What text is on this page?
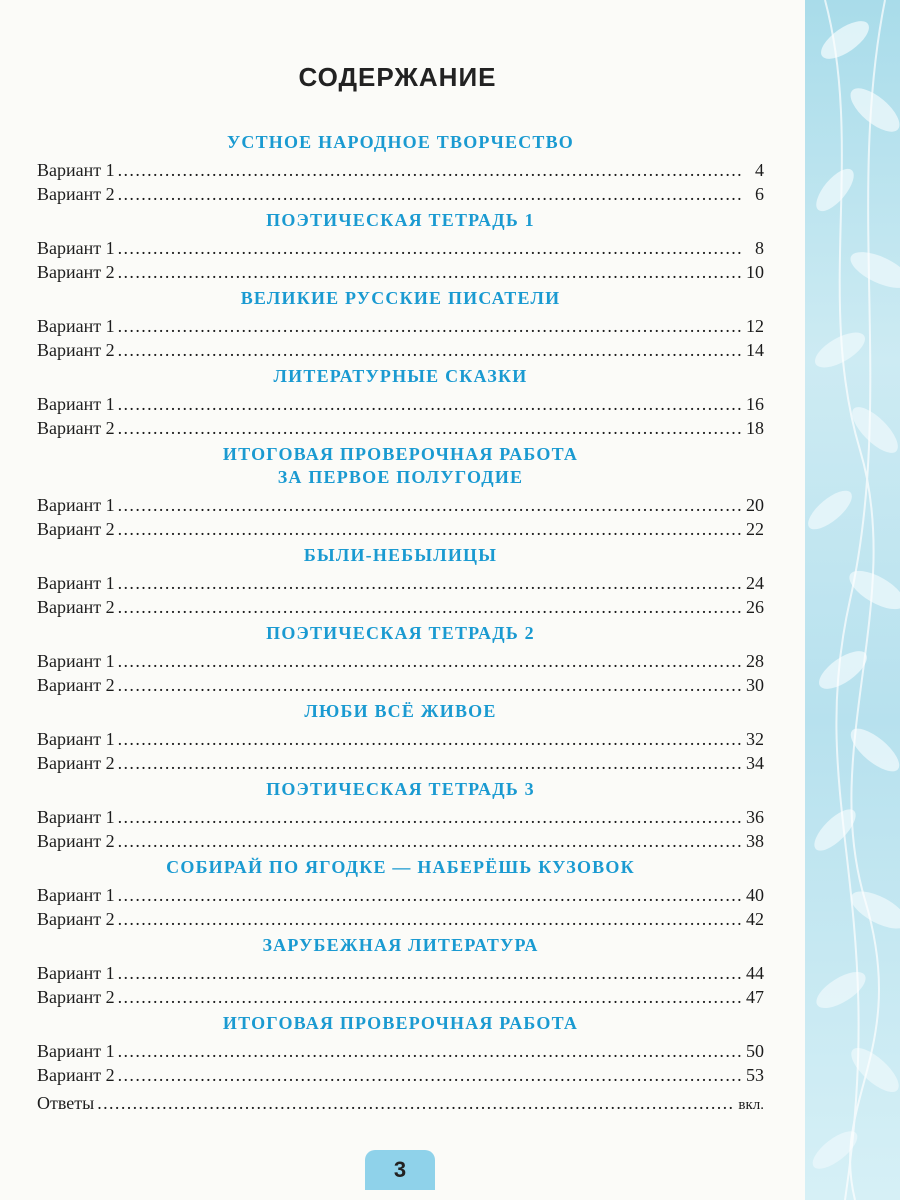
СОДЕРЖАНИЕ
УСТНОЕ НАРОДНОЕ ТВОРЧЕСТВО
Вариант 1 .....	4
Вариант 2 .....	6
ПОЭТИЧЕСКАЯ ТЕТРАДЬ 1
Вариант 1 .....	8
Вариант 2 .....	10
ВЕЛИКИЕ РУССКИЕ ПИСАТЕЛИ
Вариант 1 .....	12
Вариант 2 .....	14
ЛИТЕРАТУРНЫЕ СКАЗКИ
Вариант 1 .....	16
Вариант 2 .....	18
ИТОГОВАЯ ПРОВЕРОЧНАЯ РАБОТА
ЗА ПЕРВОЕ ПОЛУГОДИЕ
Вариант 1 .....	20
Вариант 2 .....	22
БЫЛИ-НЕБЫЛИЦЫ
Вариант 1 .....	24
Вариант 2 .....	26
ПОЭТИЧЕСКАЯ ТЕТРАДЬ 2
Вариант 1 .....	28
Вариант 2 .....	30
ЛЮБИ ВСЁ ЖИВОЕ
Вариант 1 .....	32
Вариант 2 .....	34
ПОЭТИЧЕСКАЯ ТЕТРАДЬ 3
Вариант 1 .....	36
Вариант 2 .....	38
СОБИРАЙ ПО ЯГОДКЕ — НАБЕРЁШЬ КУЗОВОК
Вариант 1 .....	40
Вариант 2 .....	42
ЗАРУБЕЖНАЯ ЛИТЕРАТУРА
Вариант 1 .....	44
Вариант 2 .....	47
ИТОГОВАЯ ПРОВЕРОЧНАЯ РАБОТА
Вариант 1 .....	50
Вариант 2 .....	53
Ответы .....	вкл.
3
